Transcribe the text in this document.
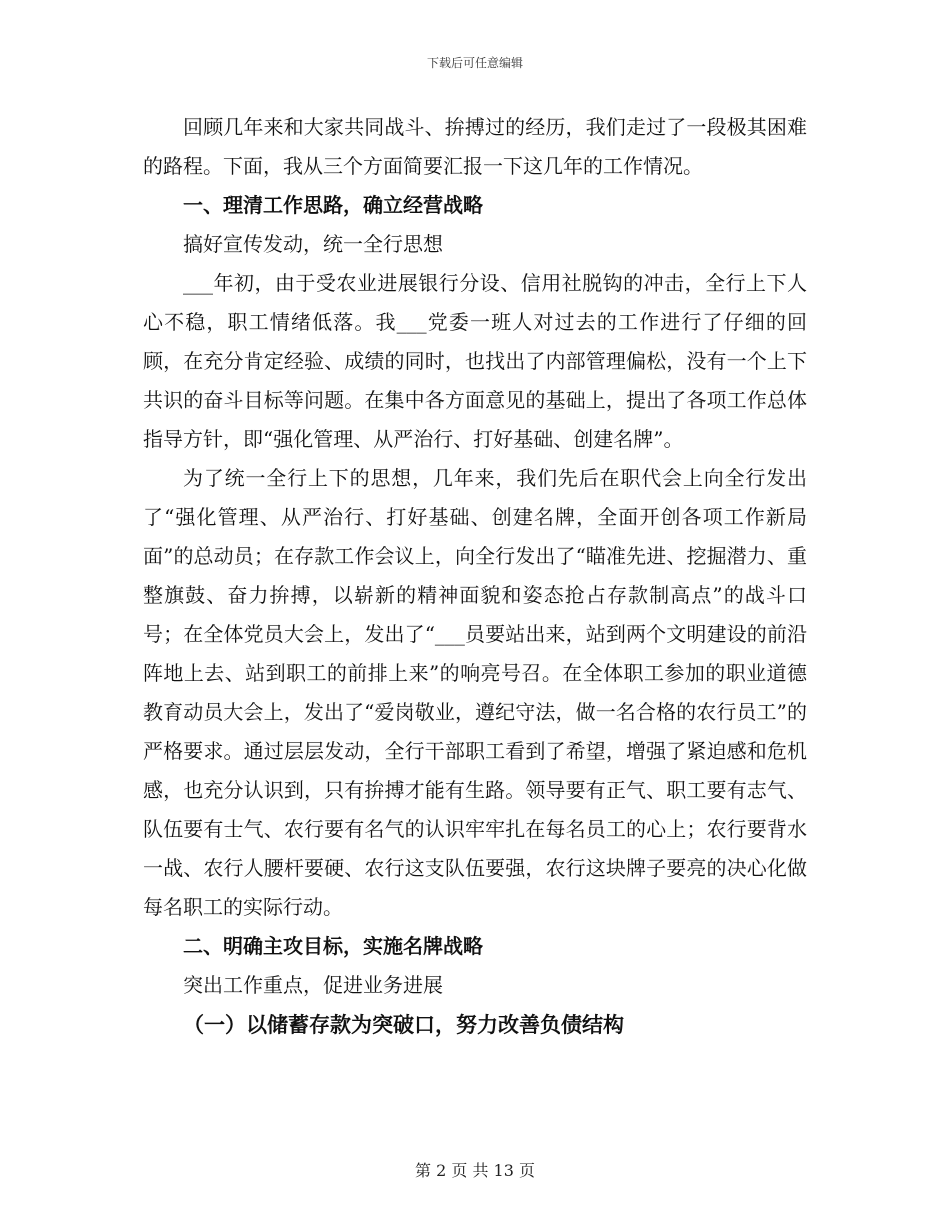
下载后可任意编辑

回顾几年来和大家共同战斗、拚搏过的经历，我们走过了一段极其困难的路程。下面，我从三个方面简要汇报一下这几年的工作情况。

一、理清工作思路，确立经营战略

搞好宣传发动，统一全行思想

___年初，由于受农业进展银行分设、信用社脱钩的冲击，全行上下人心不稳，职工情绪低落。我___党委一班人对过去的工作进行了仔细的回顾，在充分肯定经验、成绩的同时，也找出了内部管理偏松，没有一个上下共识的奋斗目标等问题。在集中各方面意见的基础上，提出了各项工作总体指导方针，即“强化管理、从严治行、打好基础、创建名牌”。

为了统一全行上下的思想，几年来，我们先后在职代会上向全行发出了“强化管理、从严治行、打好基础、创建名牌，全面开创各项工作新局面”的总动员；在存款工作会议上，向全行发出了“瞄准先进、挖掘潜力、重整旗鼓、奋力拚搏，以崭新的精神面貌和姿态抢占存款制高点”的战斗口号；在全体党员大会上，发出了“___员要站出来，站到两个文明建设的前沿阵地上去、站到职工的前排上来”的响亮号召。在全体职工参加的职业道德教育动员大会上，发出了“爱岗敬业，遵纪守法，做一名合格的农行员工”的严格要求。通过层层发动，全行干部职工看到了希望，增强了紧迫感和危机感，也充分认识到，只有拚搏才能有生路。领导要有正气、职工要有志气、队伍要有士气、农行要有名气的认识牢牢扎在每名员工的心上；农行要背水一战、农行人腰杆要硬、农行这支队伍要强，农行这块牌子要亮的决心化做每名职工的实际行动。

二、明确主攻目标，实施名牌战略

突出工作重点，促进业务进展

（一）以储蓄存款为突破口，努力改善负债结构

第 2 页 共 13 页
